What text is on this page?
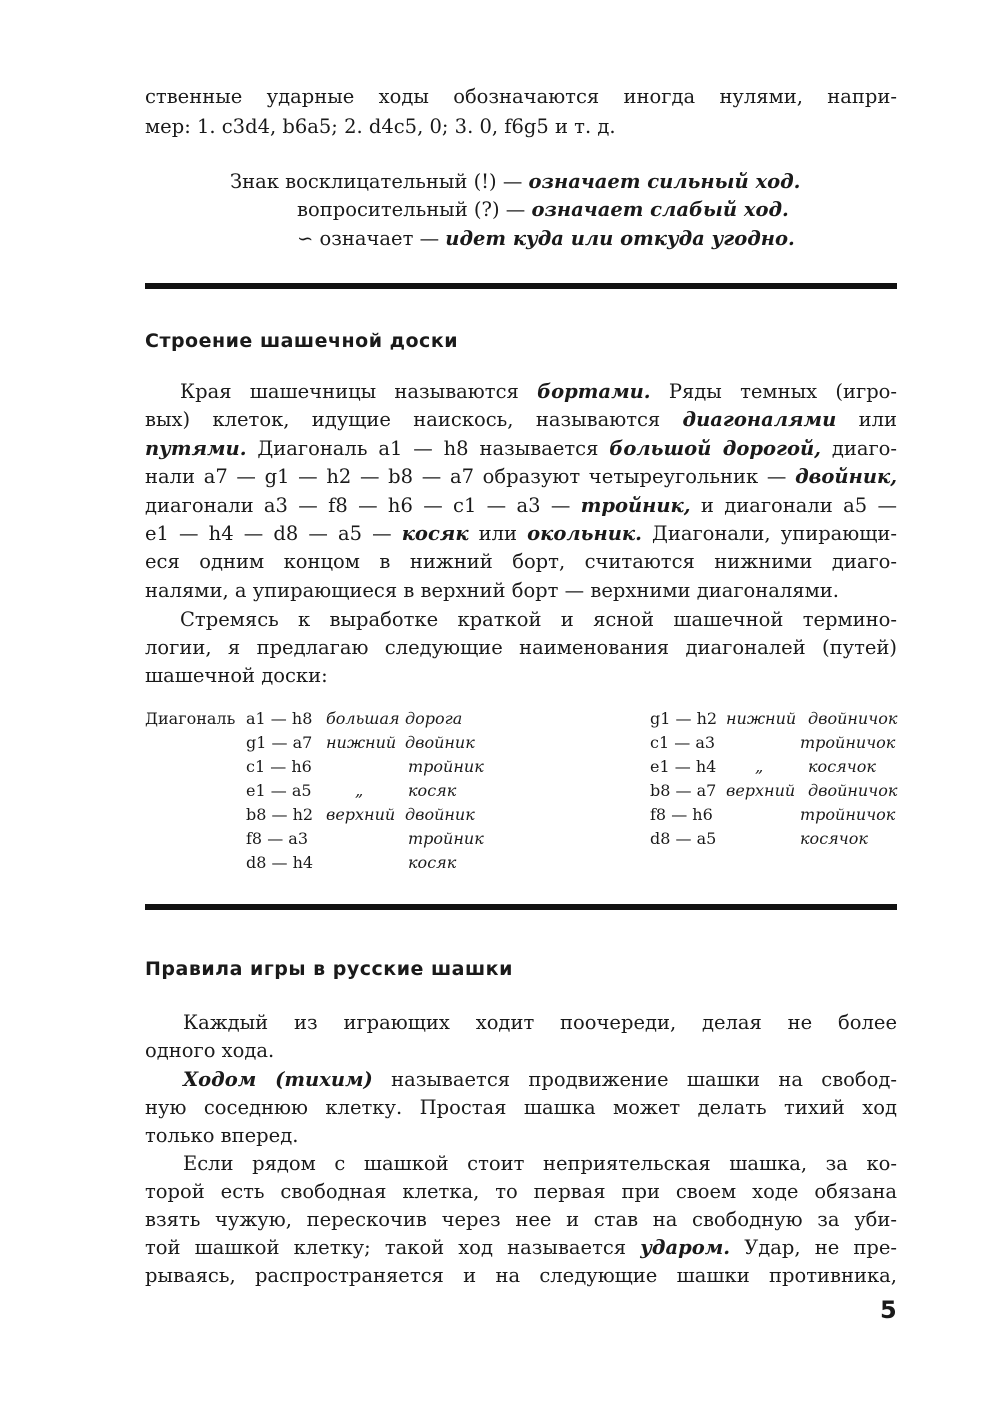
ственные ударные ходы обозначаются иногда нулями, напри-
мер: 1. c3d4, b6a5; 2. d4c5, 0; 3. 0, f6g5 и т. д.
Знак восклицательный (!) — означает сильный ход.
вопросительный (?) — означает слабый ход.
∽ означает — идет куда или откуда угодно.
Строение шашечной доски
Края шашечницы называются бортами. Ряды темных (игро-
вых) клеток, идущие наискось, называются диагоналями или
путями. Диагональ a1 — h8 называется большой дорогой, диаго-
нали a7 — g1 — h2 — b8 — a7 образуют четыреугольник — двойник,
диагонали a3 — f8 — h6 — c1 — a3 — тройник, и диагонали a5 —
e1 — h4 — d8 — a5 — косяк или окольник. Диагонали, упирающи-
еся одним концом в нижний борт, считаются нижними диаго-
налями, а упирающиеся в верхний борт — верхними диагоналями.
Стремясь к выработке краткой и ясной шашечной термино-
логии, я предлагаю следующие наименования диагоналей (путей)
шашечной доски:
Диагональ a1 — h8 большая дорога
g1 — a7 нижний двойник
c1 — h6	тройник
e1 — a5	„	косяк
b8 — h2 верхний двойник
f8 — a3	тройник
d8 — h4	косяк
g1 — h2 нижний двойничок
c1 — a3	тройничок
e1 — h4 „	косячок
b8 — a7 верхний двойничок
f8 — h6	тройничок
d8 — a5	косячок
Правила игры в русские шашки
Каждый из играющих ходит поочереди, делая не более
одного хода.
Ходом (тихим) называется продвижение шашки на свобод-
ную соседнюю клетку. Простая шашка может делать тихий ход
только вперед.
Если рядом с шашкой стоит неприятельская шашка, за ко-
торой есть свободная клетка, то первая при своем ходе обязана
взять чужую, перескочив через нее и став на свободную за уби-
той шашкой клетку; такой ход называется ударом. Удар, не пре-
рываясь, распространяется и на следующие шашки противника,
5
